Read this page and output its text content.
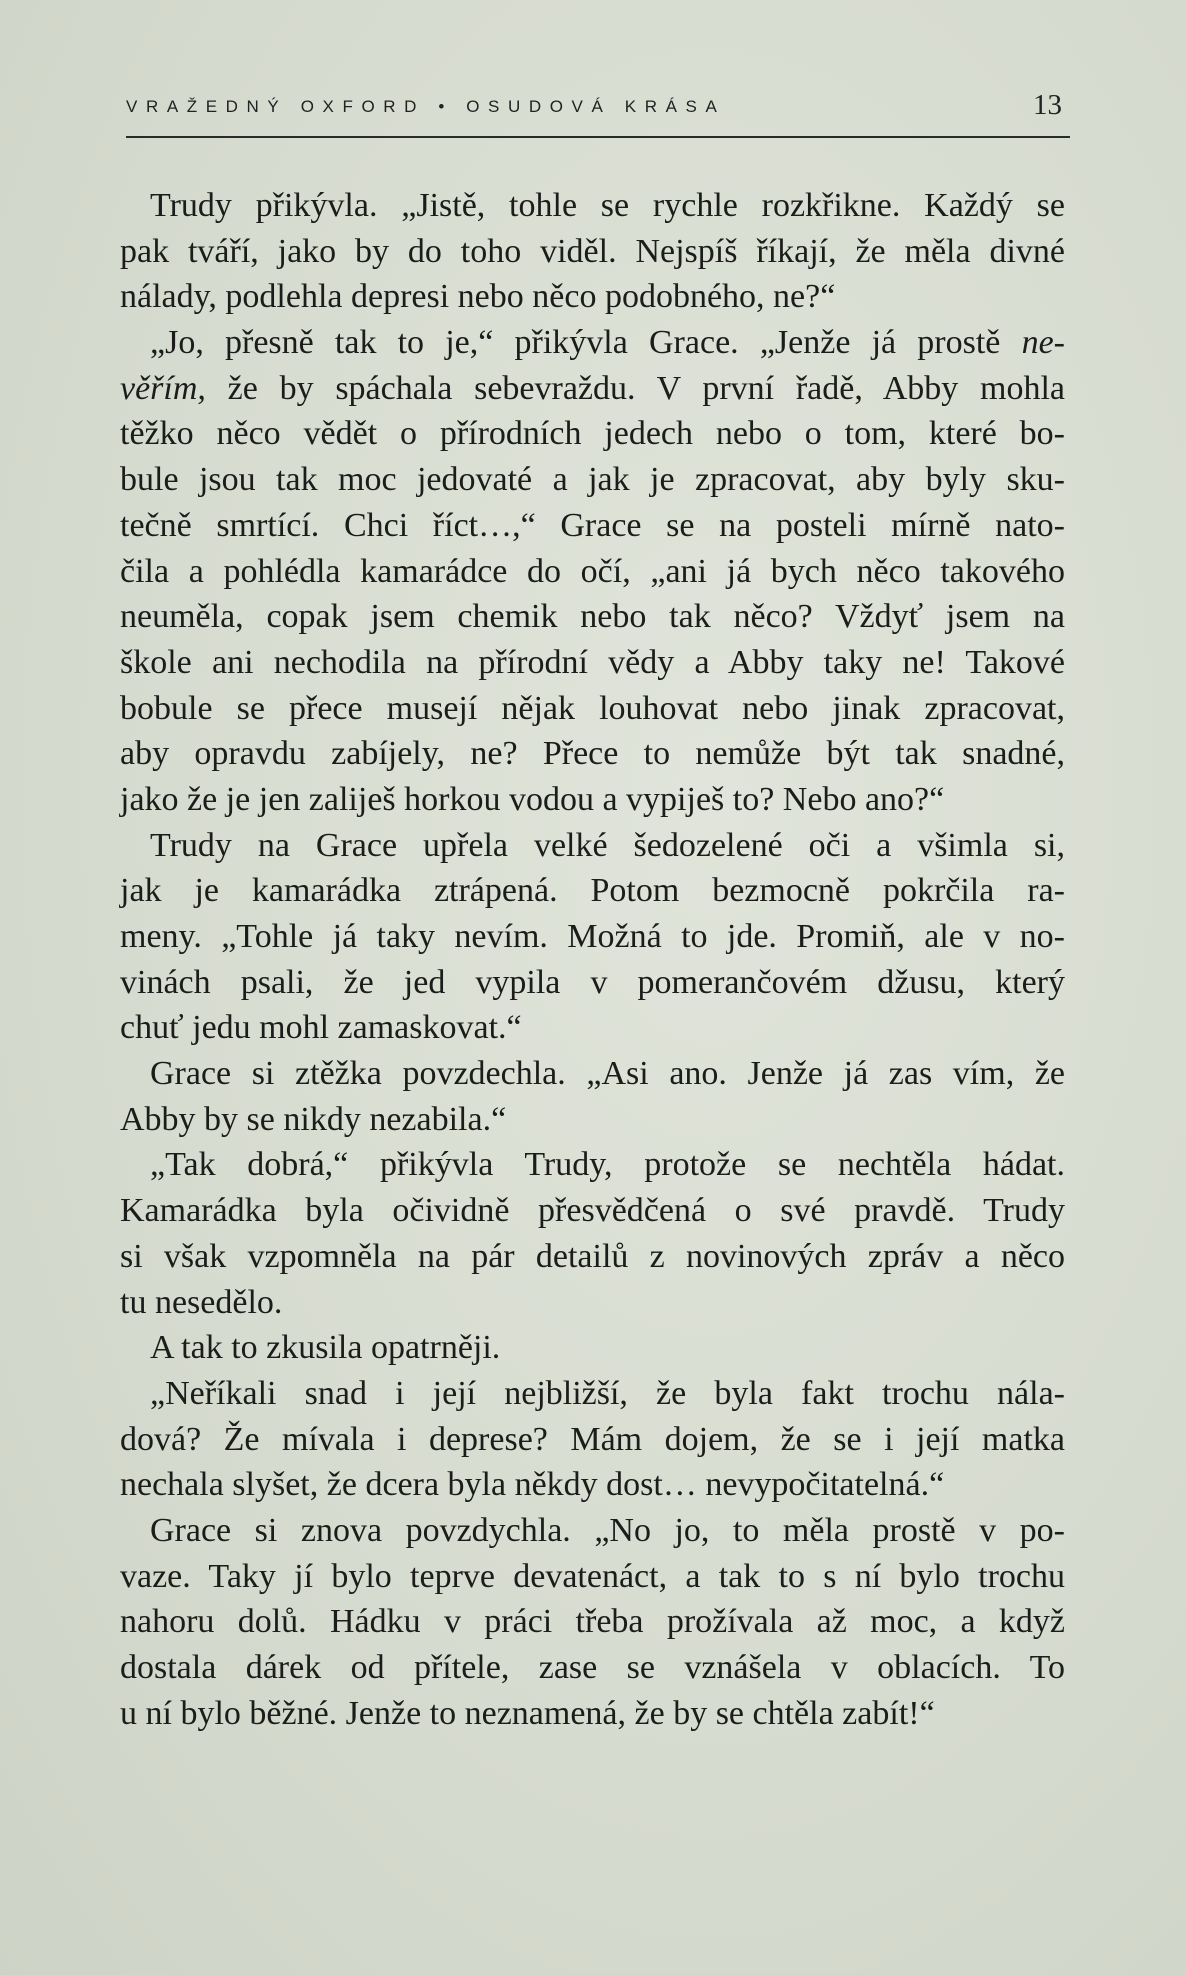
VRAŽEDNÝ OXFORD • OSUDOVÁ KRÁSA	13
Trudy přikývla. „Jistě, tohle se rychle rozkřikne. Každý se
pak tváří, jako by do toho viděl. Nejspíš říkají, že měla divné
nálady, podlehla depresi nebo něco podobného, ne?“
„Jo, přesně tak to je,“ přikývla Grace. „Jenže já prostě ne-
věřím, že by spáchala sebevraždu. V první řadě, Abby mohla
těžko něco vědět o přírodních jedech nebo o tom, které bo-
bule jsou tak moc jedovaté a jak je zpracovat, aby byly sku-
tečně smrtící. Chci říct…,“ Grace se na posteli mírně nato-
čila a pohlédla kamarádce do očí, „ani já bych něco takového
neuměla, copak jsem chemik nebo tak něco? Vždyť jsem na
škole ani nechodila na přírodní vědy a Abby taky ne! Takové
bobule se přece musejí nějak louhovat nebo jinak zpracovat,
aby opravdu zabíjely, ne? Přece to nemůže být tak snadné,
jako že je jen zaliješ horkou vodou a vypiješ to? Nebo ano?“
Trudy na Grace upřela velké šedozelené oči a všimla si,
jak je kamarádka ztrápená. Potom bezmocně pokrčila ra-
meny. „Tohle já taky nevím. Možná to jde. Promiň, ale v no-
vinách psali, že jed vypila v pomerančovém džusu, který
chuť jedu mohl zamaskovat.“
Grace si ztěžka povzdechla. „Asi ano. Jenže já zas vím, že
Abby by se nikdy nezabila.“
„Tak dobrá,“ přikývla Trudy, protože se nechtěla hádat.
Kamarádka byla očividně přesvědčená o své pravdě. Trudy
si však vzpomněla na pár detailů z novinových zpráv a něco
tu nesedělo.
A tak to zkusila opatrněji.
„Neříkali snad i její nejbližší, že byla fakt trochu nála-
dová? Že mívala i deprese? Mám dojem, že se i její matka
nechala slyšet, že dcera byla někdy dost… nevypočitatelná.“
Grace si znova povzdychla. „No jo, to měla prostě v po-
vaze. Taky jí bylo teprve devatenáct, a tak to s ní bylo trochu
nahoru dolů. Hádku v práci třeba prožívala až moc, a když
dostala dárek od přítele, zase se vznášela v oblacích. To
u ní bylo běžné. Jenže to neznamená, že by se chtěla zabít!“
